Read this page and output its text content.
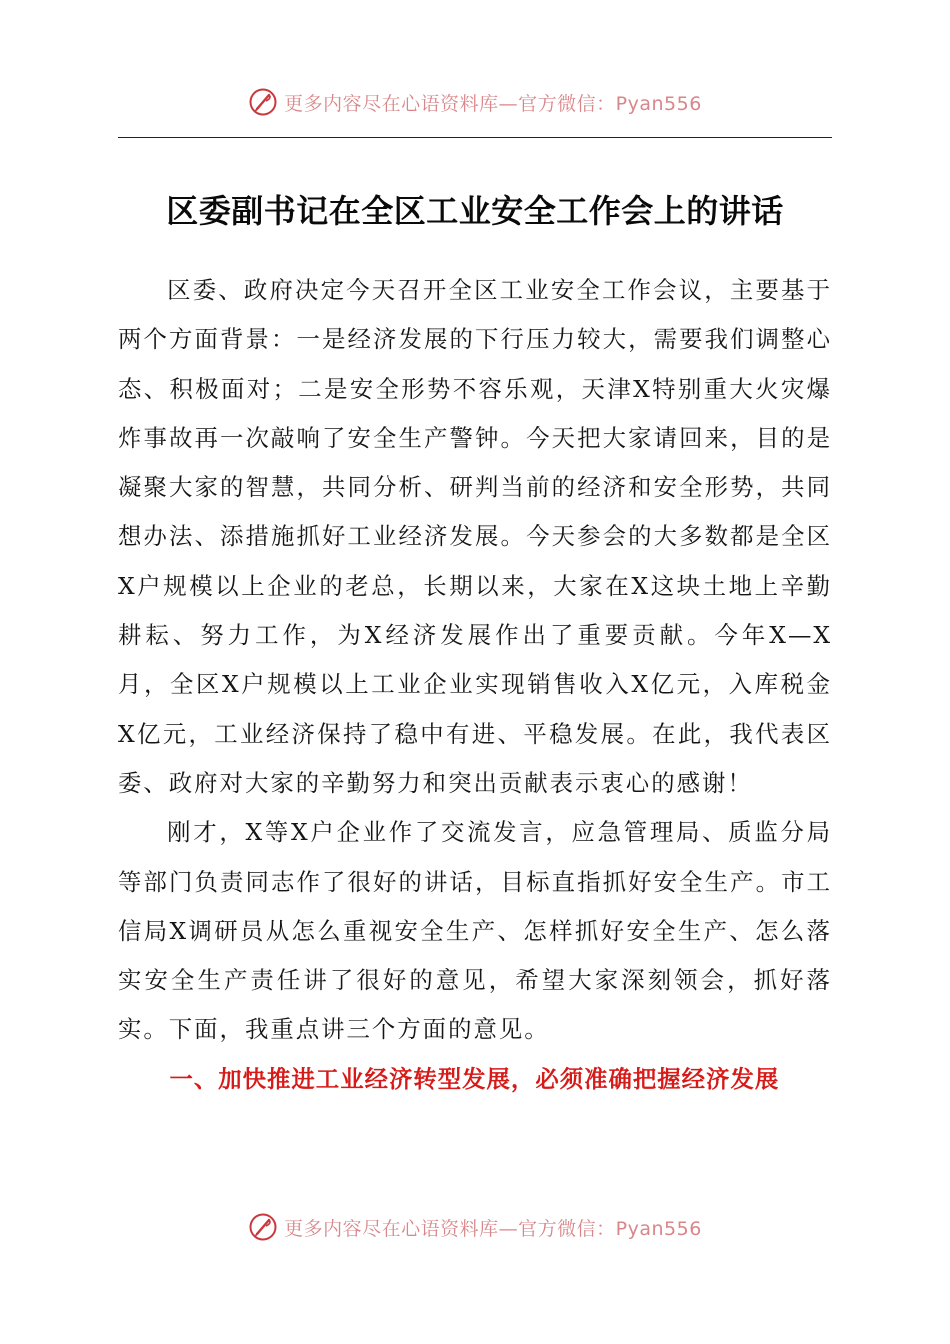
更多内容尽在心语资料库—官方微信：Pyan556
区委副书记在全区工业安全工作会上的讲话

区委、政府决定今天召开全区工业安全工作会议，主要基于两个方面背景：一是经济发展的下行压力较大，需要我们调整心态、积极面对；二是安全形势不容乐观，天津X特别重大火灾爆炸事故再一次敲响了安全生产警钟。今天把大家请回来，目的是凝聚大家的智慧，共同分析、研判当前的经济和安全形势，共同想办法、添措施抓好工业经济发展。今天参会的大多数都是全区X户规模以上企业的老总，长期以来，大家在X这块土地上辛勤耕耘、努力工作，为X经济发展作出了重要贡献。今年X—X月，全区X户规模以上工业企业实现销售收入X亿元，入库税金X亿元，工业经济保持了稳中有进、平稳发展。在此，我代表区委、政府对大家的辛勤努力和突出贡献表示衷心的感谢！

刚才，X等X户企业作了交流发言，应急管理局、质监分局等部门负责同志作了很好的讲话，目标直指抓好安全生产。市工信局X调研员从怎么重视安全生产、怎样抓好安全生产、怎么落实安全生产责任讲了很好的意见，希望大家深刻领会，抓好落实。下面，我重点讲三个方面的意见。

一、加快推进工业经济转型发展，必须准确把握经济发展

更多内容尽在心语资料库—官方微信：Pyan556
